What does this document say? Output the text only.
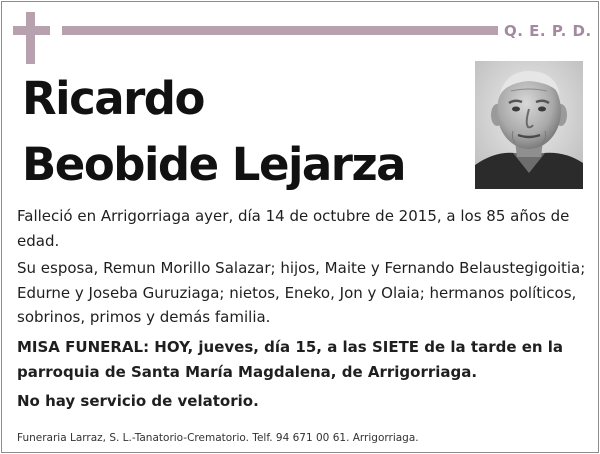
Q. E. P. D.
Ricardo
Beobide Lejarza

Falleció en Arrigorriaga ayer, día 14 de octubre de 2015, a los 85 años de edad.

Su esposa, Remun Morillo Salazar; hijos, Maite y Fernando Belaustegigoitia; Edurne y Joseba Guruziaga; nietos, Eneko, Jon y Olaia; hermanos políticos, sobrinos, primos y demás familia.

MISA FUNERAL: HOY, jueves, día 15, a las SIETE de la tarde en la parroquia de Santa María Magdalena, de Arrigorriaga.

No hay servicio de velatorio.

Funeraria Larraz, S. L.-Tanatorio-Crematorio. Telf. 94 671 00 61. Arrigorriaga.
